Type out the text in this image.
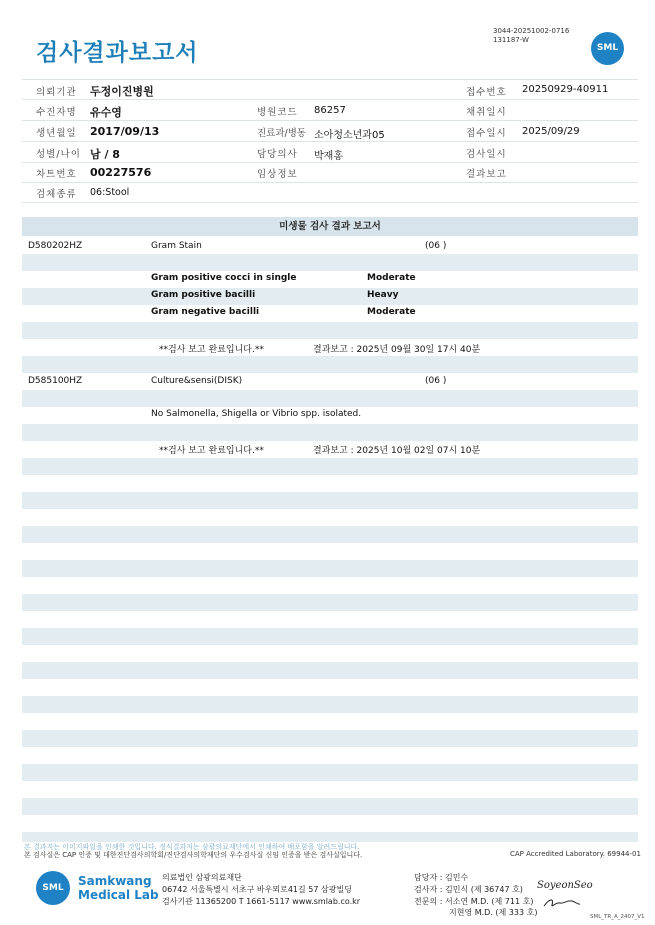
검사결과보고서
3044-20251002-0716
131187-W
SML
의뢰기관 두정이진병원	접수번호 20250929-40911
수진자명 유수영	병원코드 86257	채취일시
생년월일 2017/09/13	진료과/병동 소아청소년과05	접수일시 2025/09/29
성별/나이 남 / 8	담당의사 박재홍	검사일시
차트번호 00227576	임상정보	결과보고
검체종류 06:Stool
미생물 검사 결과 보고서
D580202HZ	Gram Stain	(06 )
Gram positive cocci in single	Moderate
Gram positive bacilli	Heavy
Gram negative bacilli	Moderate
**검사 보고 완료입니다.**	결과보고 : 2025년 09월 30일 17시 40분
D585100HZ	Culture&sensi(DISK)	(06 )
No Salmonella, Shigella or Vibrio spp. isolated.
**검사 보고 완료입니다.**	결과보고 : 2025년 10월 02일 07시 10분
본 결과지는 이미지파일을 인쇄한 것입니다. 정식결과지는 삼광의료재단에서 인쇄하여 배포함을 알려드립니다.
본 검사실은 CAP 인증 및 대한진단검사의학회/진단검사의학재단의 우수검사실 신임 인증을 받은 검사실입니다.	CAP Accredited Laboratory. 69944-01
SML	Samkwang
Medical Lab
의료법인 삼광의료재단
06742 서울특별시 서초구 바우뫼로41길 57 삼광빌딩
검사기관 11365200 T 1661-5117 www.smlab.co.kr
담당자 : 김민수
검사자 : 김민식 (제 36747 호)
전문의 : 서소연 M.D. (제 711 호)
지현영 M.D. (제 333 호)
SoyeonSeo
SML_TR_A_2407_V1
